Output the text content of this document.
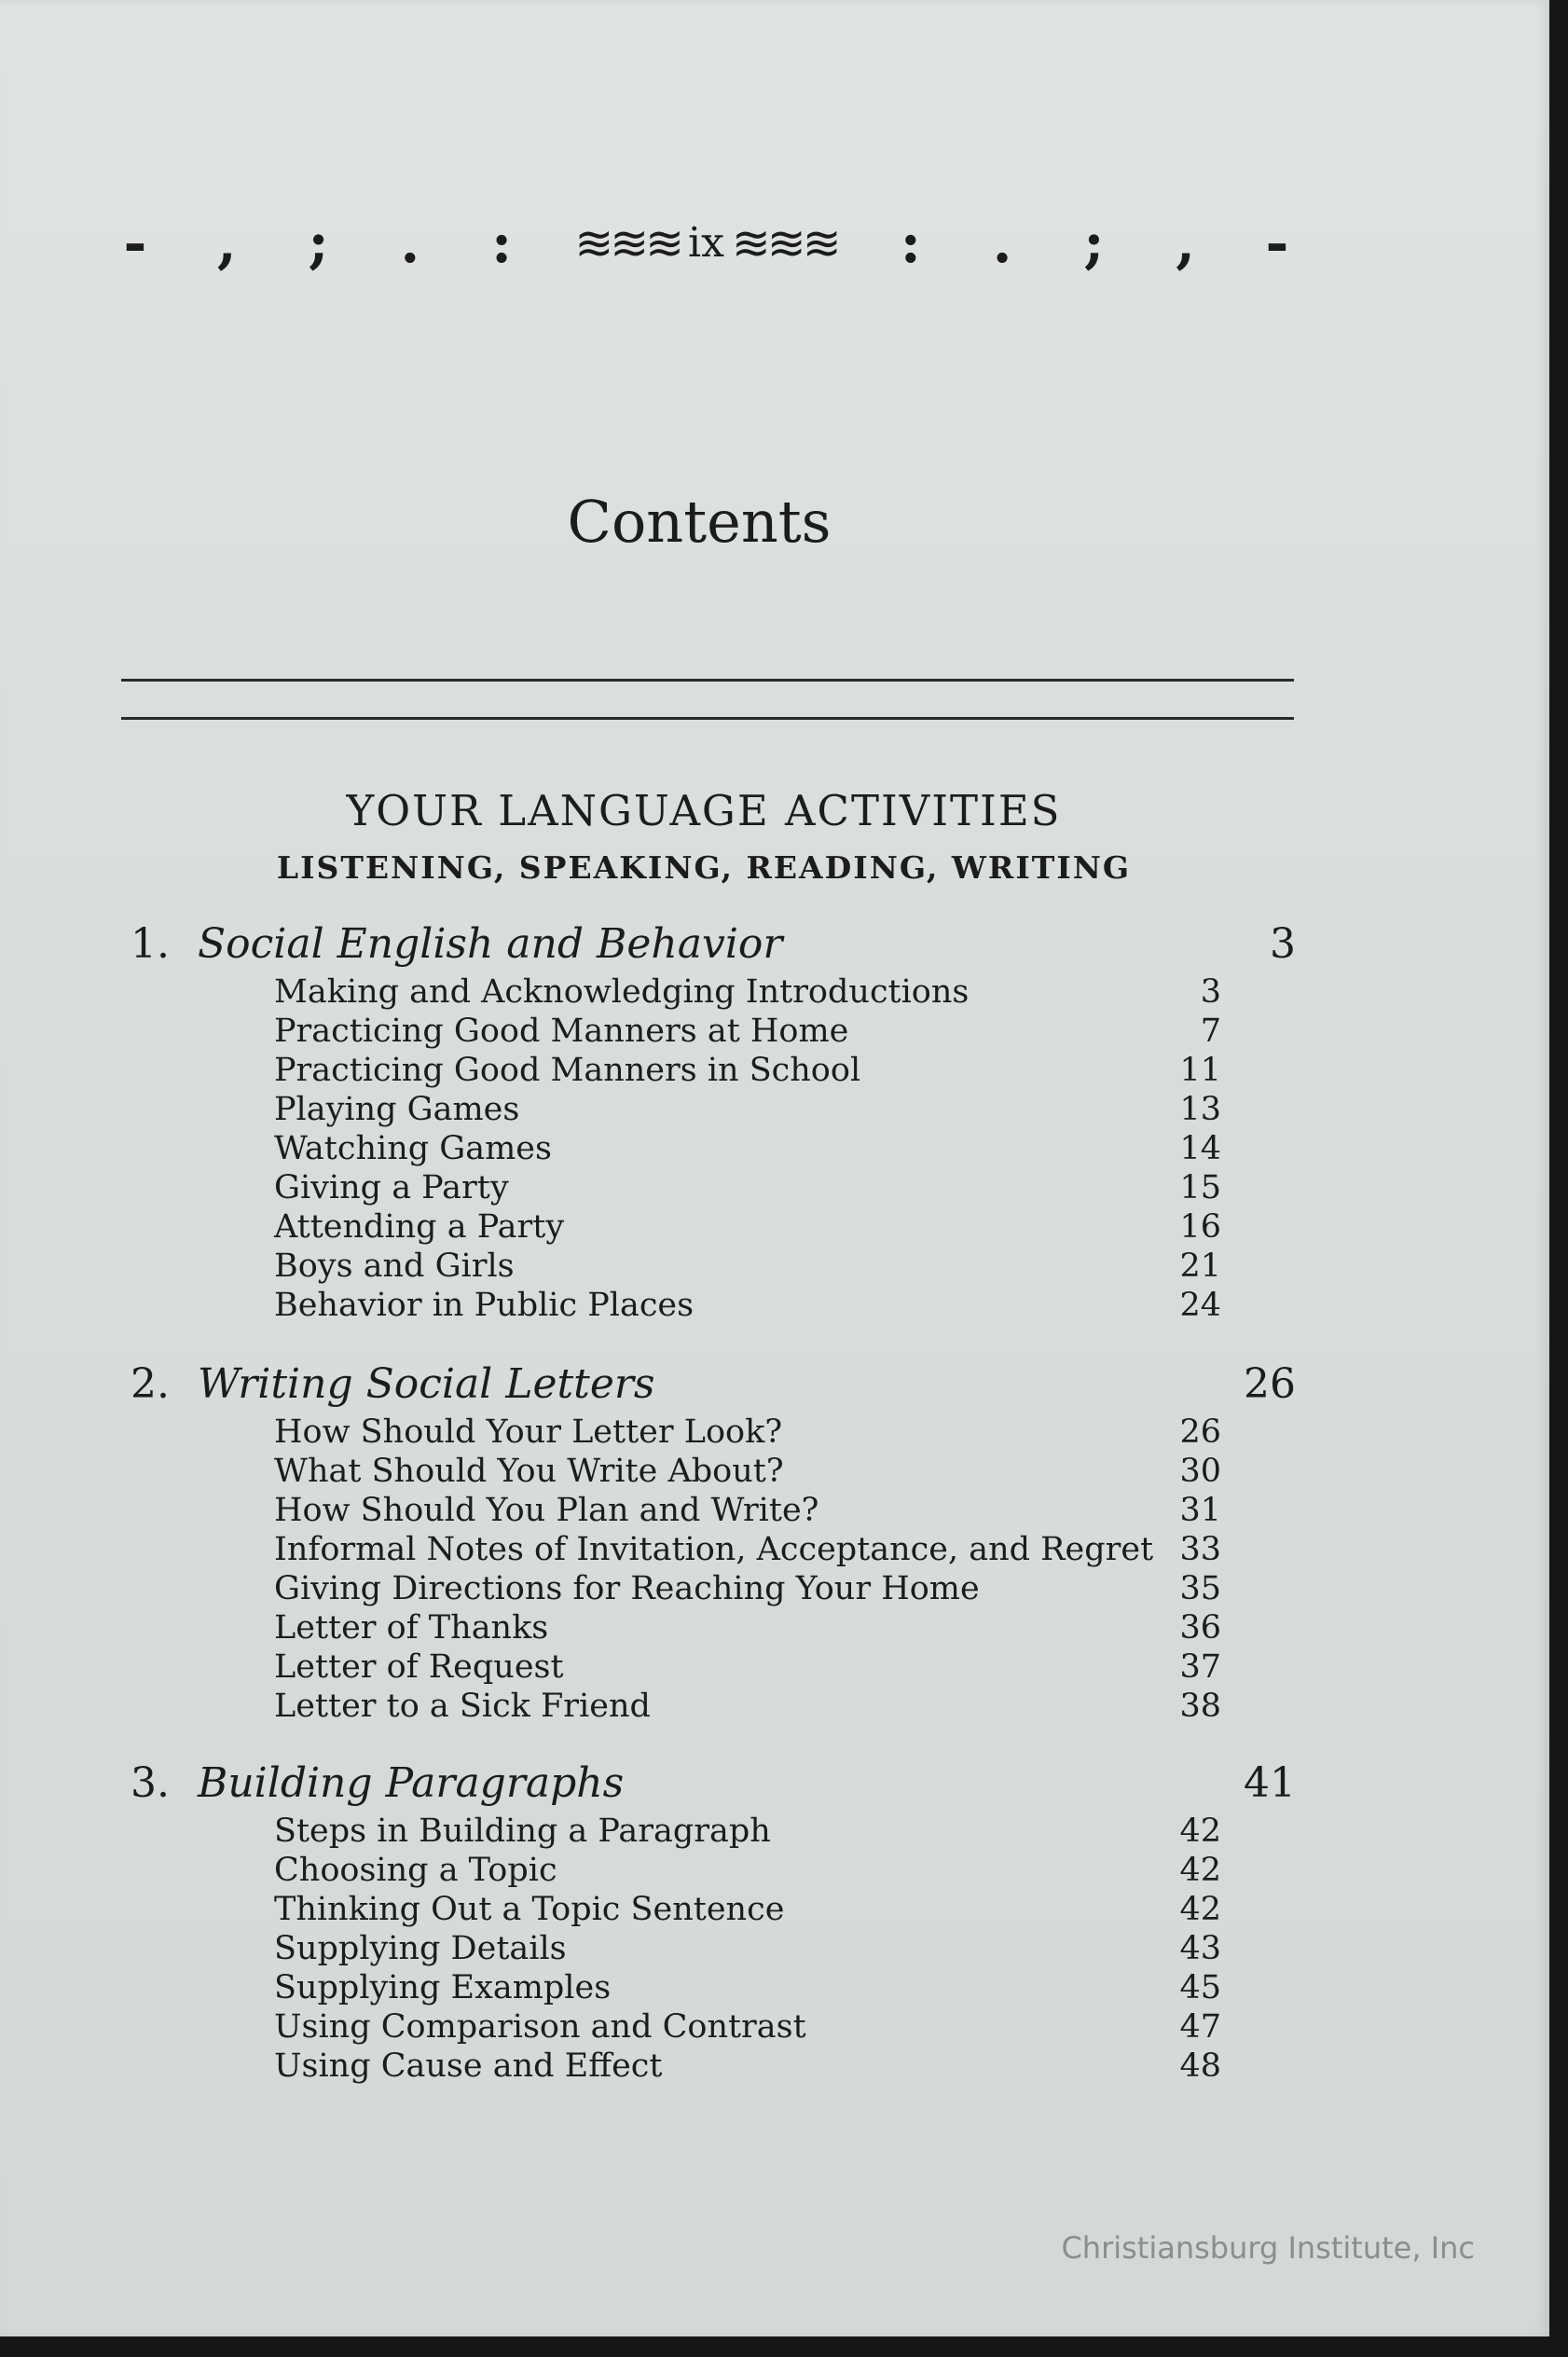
- , ; . : ≋≋≋ ix ≋≋≋ : . ; , -
Contents
YOUR LANGUAGE ACTIVITIES
LISTENING, SPEAKING, READING, WRITING
1. Social English and Behavior	3
Making and Acknowledging Introductions	3
Practicing Good Manners at Home	7
Practicing Good Manners in School	11
Playing Games	13
Watching Games	14
Giving a Party	15
Attending a Party	16
Boys and Girls	21
Behavior in Public Places	24
2. Writing Social Letters	26
How Should Your Letter Look?	26
What Should You Write About?	30
How Should You Plan and Write?	31
Informal Notes of Invitation, Acceptance, and Regret 33
Giving Directions for Reaching Your Home	35
Letter of Thanks	36
Letter of Request	37
Letter to a Sick Friend	38
3. Building Paragraphs	41
Steps in Building a Paragraph	42
Choosing a Topic	42
Thinking Out a Topic Sentence	42
Supplying Details	43
Supplying Examples	45
Using Comparison and Contrast	47
Using Cause and Effect	48
Christiansburg Institute, Inc
